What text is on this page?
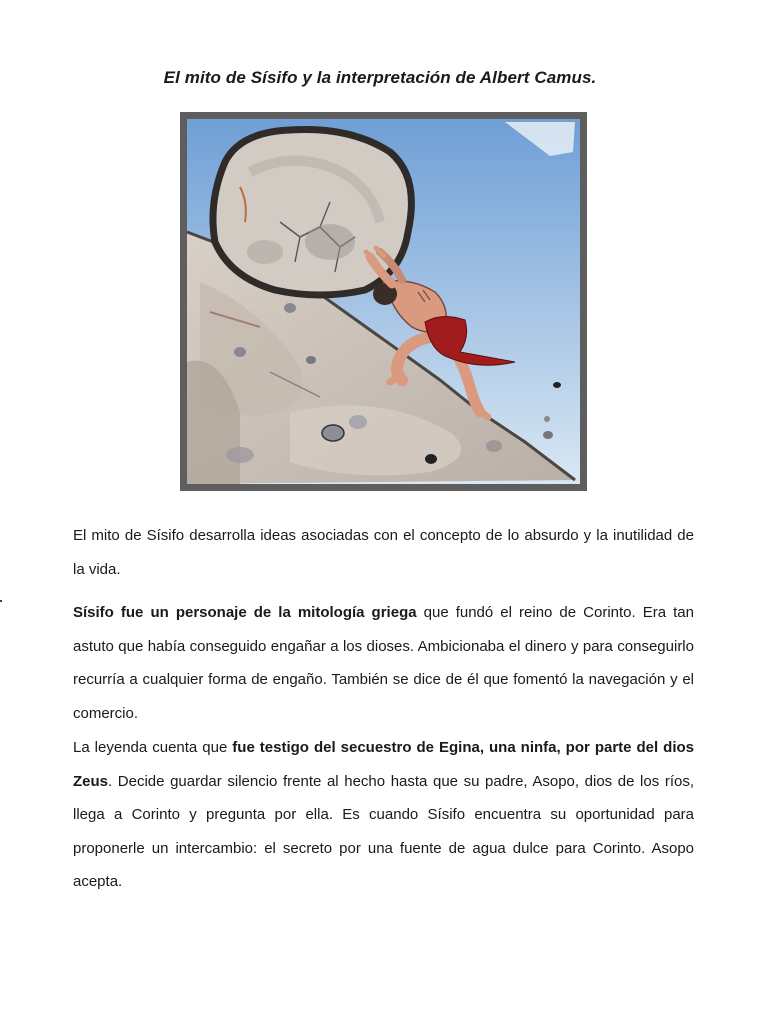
El mito de Sísifo y la interpretación de Albert Camus.
El mito de Sísifo desarrolla ideas asociadas con el concepto de lo absurdo y la inutilidad de la vida.
Sísifo fue un personaje de la mitología griega que fundó el reino de Corinto. Era tan astuto que había conseguido engañar a los dioses. Ambicionaba el dinero y para conseguirlo recurría a cualquier forma de engaño. También se dice de él que fomentó la navegación y el comercio.
La leyenda cuenta que fue testigo del secuestro de Egina, una ninfa, por parte del dios Zeus. Decide guardar silencio frente al hecho hasta que su padre, Asopo, dios de los ríos, llega a Corinto y pregunta por ella. Es cuando Sísifo encuentra su oportunidad para proponerle un intercambio: el secreto por una fuente de agua dulce para Corinto. Asopo acepta.
